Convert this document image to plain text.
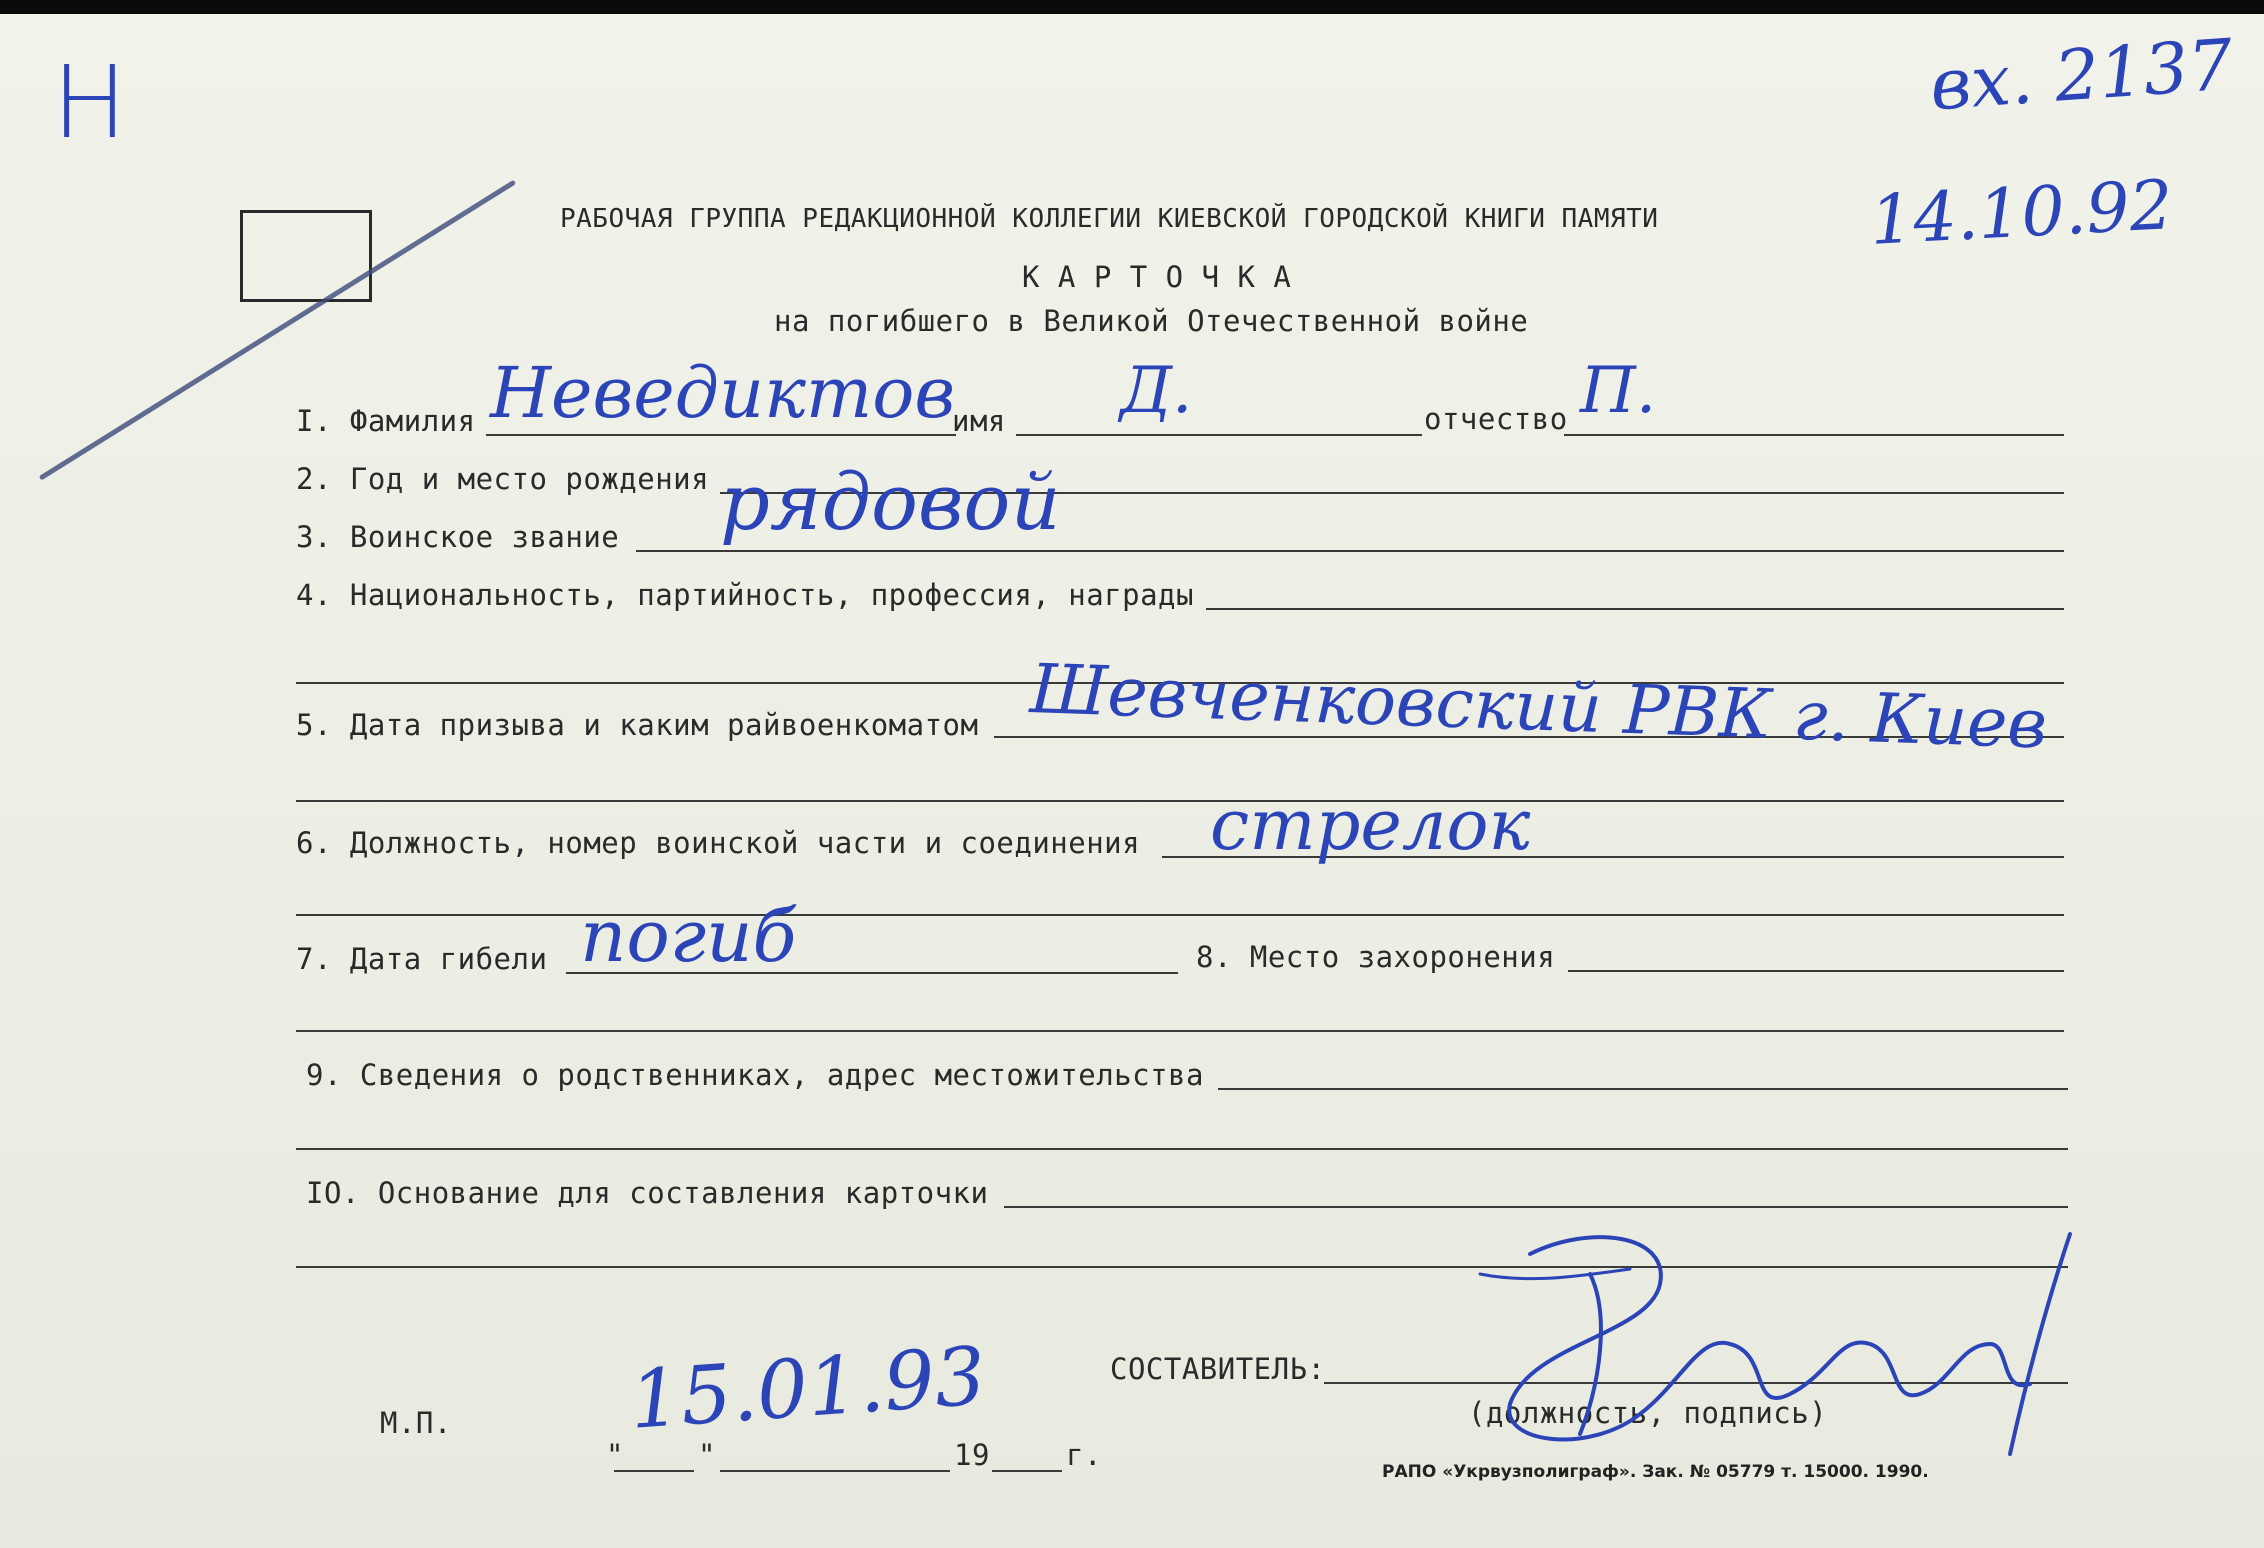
Н	вх. 2137
14.10.92
РАБОЧАЯ ГРУППА РЕДАКЦИОННОЙ КОЛЛЕГИИ КИЕВСКОЙ ГОРОДСКОЙ КНИГИ ПАМЯТИ
К А Р Т О Ч К А
на погибшего в Великой Отечественной войне
I. Фамилия Неведиктов
имя Д.	отчество П.
2. Год и место рождения
3. Воинское звание рядовой
4. Национальность, партийность, профессия, награды
5. Дата призыва и каким райвоенкоматом Шевченковский РВК г. Киев
6. Должность, номер воинской части и соединения стрелок
7. Дата гибели погиб	8. Место захоронения
9. Сведения о родственниках, адрес местожительства
IO. Основание для составления карточки
М.П.
"	"	19	г.
15.01.93	СОСТАВИТЕЛЬ:
(должность, подпись)
РАПО «Укрвузполиграф». Зак. № 05779 т. 15000. 1990.
